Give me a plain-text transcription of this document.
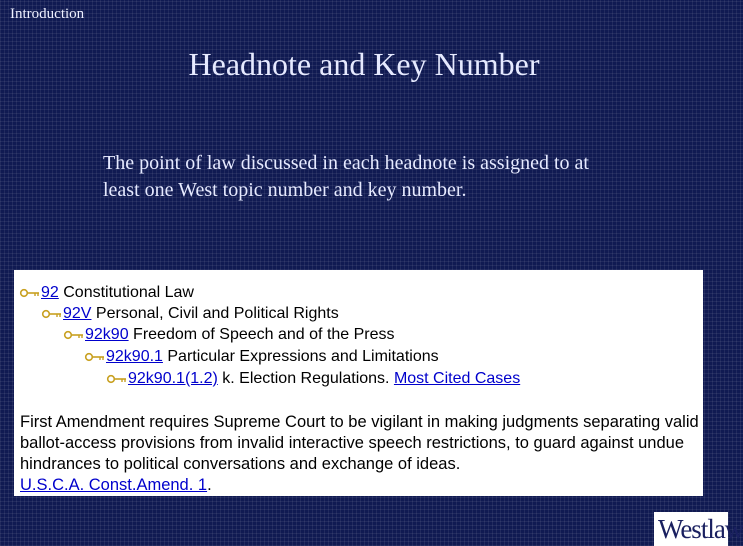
Introduction
Headnote and Key Number
The point of law discussed in each headnote is assigned to at least one West topic number and key number.
92 Constitutional Law
92V Personal, Civil and Political Rights
92k90 Freedom of Speech and of the Press
92k90.1 Particular Expressions and Limitations
92k90.1(1.2) k. Election Regulations. Most Cited Cases
First Amendment requires Supreme Court to be vigilant in making judgments separating valid ballot-access provisions from invalid interactive speech restrictions, to guard against undue hindrances to political conversations and exchange of ideas.
U.S.C.A. Const.Amend. 1.
Westlaw
